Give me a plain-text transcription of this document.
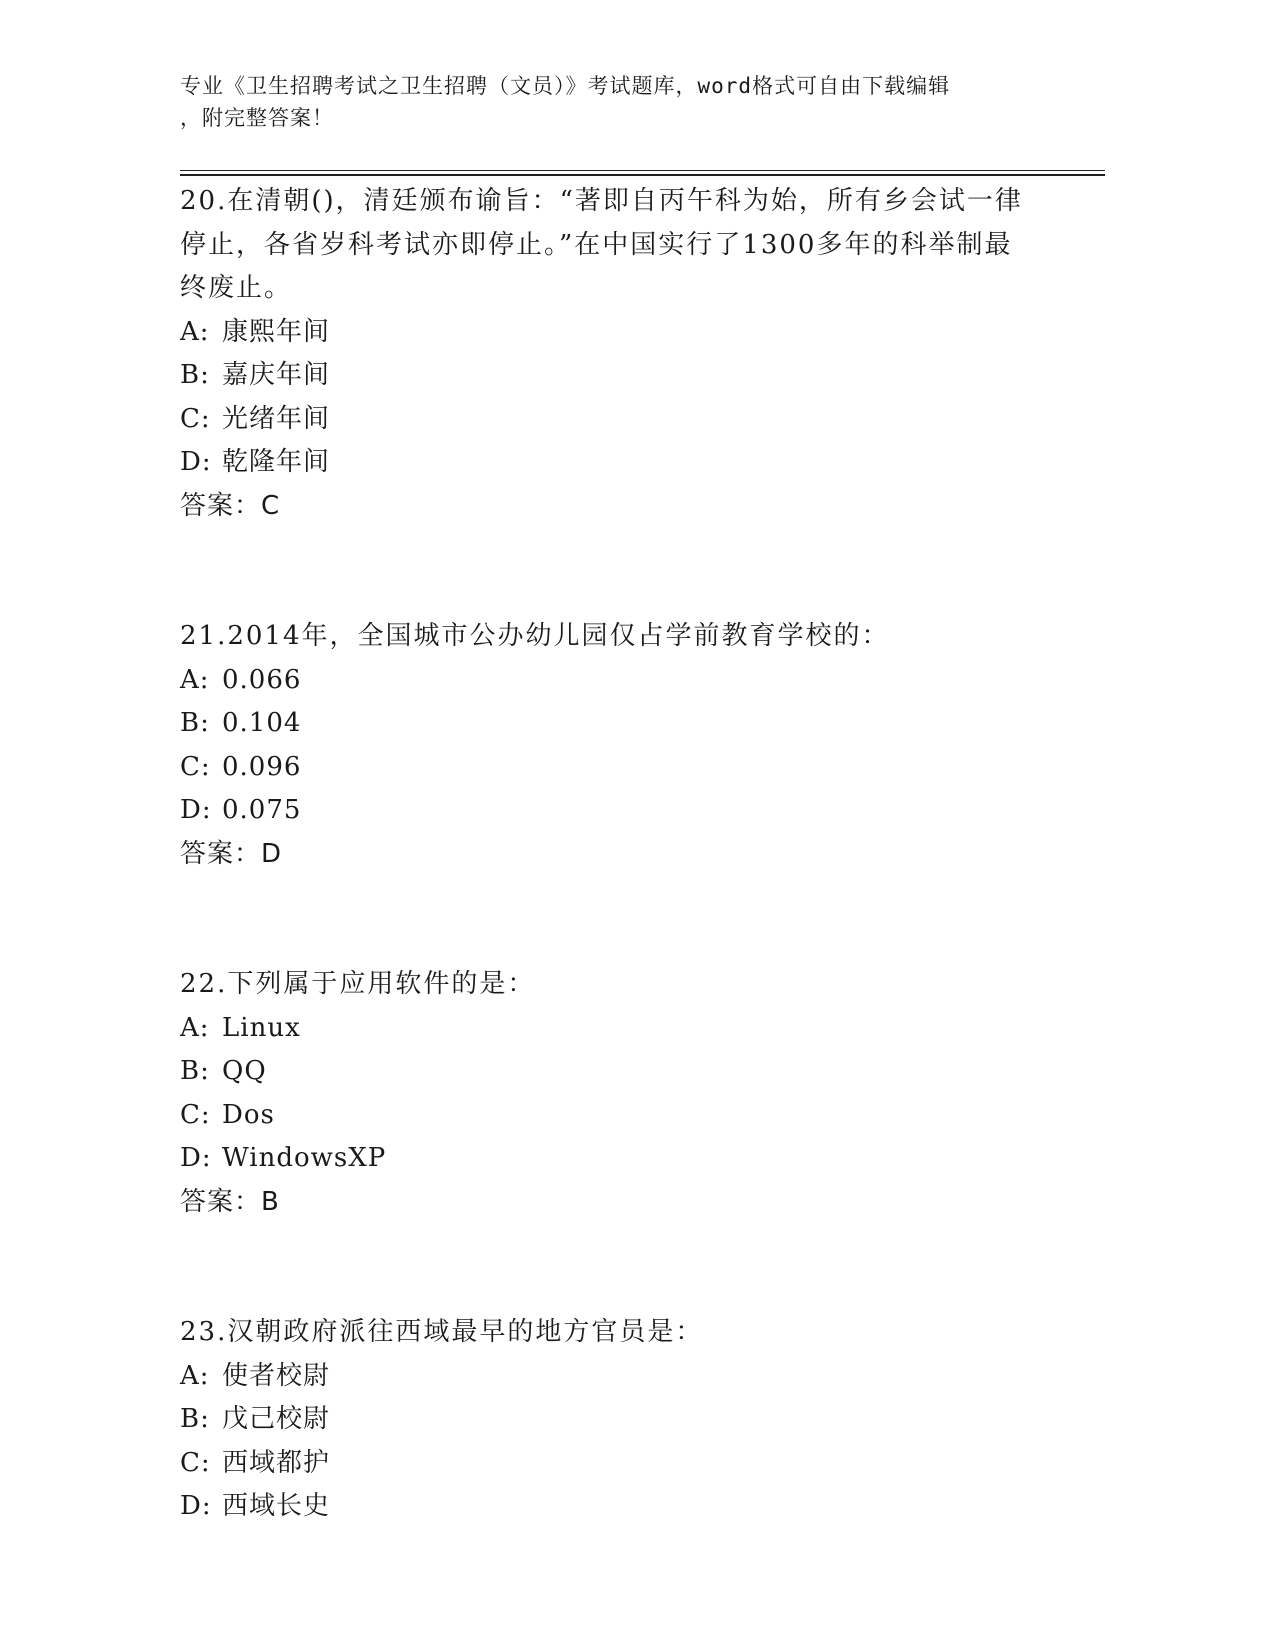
专业《卫生招聘考试之卫生招聘（文员）》考试题库，word格式可自由下载编辑
，附完整答案！
20.在清朝()，清廷颁布谕旨：“著即自丙午科为始，所有乡会试一律
停止，各省岁科考试亦即停止。”在中国实行了1300多年的科举制最
终废止。
A: 康熙年间
B: 嘉庆年间
C: 光绪年间
D: 乾隆年间
答案：C
21.2014年，全国城市公办幼儿园仅占学前教育学校的：
A: 0.066
B: 0.104
C: 0.096
D: 0.075
答案：D
22.下列属于应用软件的是：
A: Linux
B: QQ
C: Dos
D: WindowsXP
答案：B
23.汉朝政府派往西域最早的地方官员是：
A: 使者校尉
B: 戊己校尉
C: 西域都护
D: 西域长史
